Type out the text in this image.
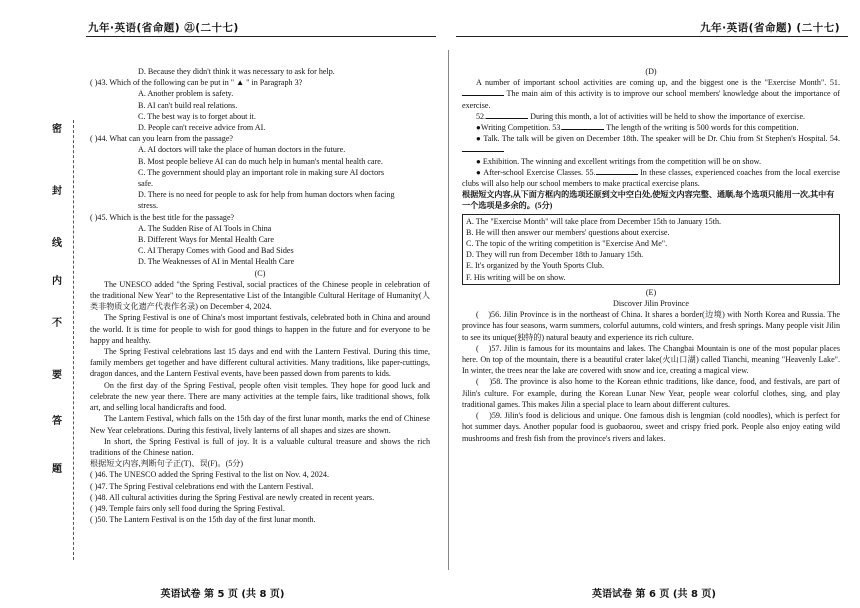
九年·英语(省命题) ㉑(二十七)
密
封
线
内
不
要
答
题
D. Because they didn't think it was necessary to ask for help.
( )43. Which of the following can be put in " ▲ " in Paragraph 3?
A. Another problem is safety.
B. AI can't build real relations.
C. The best way is to forget about it.
D. People can't receive advice from AI.
( )44. What can you learn from the passage?
A. AI doctors will take the place of human doctors in the future.
B. Most people believe AI can do much help in human's mental health care.
C. The government should play an important role in making sure AI doctors
safe.
D. There is no need for people to ask for help from human doctors when facing
stress.
( )45. Which is the best title for the passage?
A. The Sudden Rise of AI Tools in China
B. Different Ways for Mental Health Care
C. AI Therapy Comes with Good and Bad Sides
D. The Weaknesses of AI in Mental Health Care
(C)
The UNESCO added "the Spring Festival, social practices of the Chinese people in celebration of the traditional New Year" to the Representative List of the Intangible Cultural Heritage of Humanity(人类非物质文化遗产代表作名录) on December 4, 2024.
The Spring Festival is one of China's most important festivals, celebrated both in China and around the world. It is time for people to wish for good things to happen in the future and for everyone to be happy and healthy.
The Spring Festival celebrations last 15 days and end with the Lantern Festival. During this time, family members get together and have different cultural activities. Many traditions, like paper-cuttings, dragon dances, and the Lantern Festival events, have been passed down from parents to kids.
On the first day of the Spring Festival, people often visit temples. They hope for good luck and celebrate the new year there. There are many activities at the temple fairs, like traditional shows, folk art, and selling local handicrafts and food.
The Lantern Festival, which falls on the 15th day of the first lunar month, marks the end of Chinese New Year celebrations. During this festival, lively lanterns of all shapes and sizes are shown.
In short, the Spring Festival is full of joy. It is a valuable cultural treasure and shows the rich traditions of the Chinese nation.
根据短文内容,判断句子正(T)、误(F)。(5分)
( )46. The UNESCO added the Spring Festival to the list on Nov. 4, 2024.
( )47. The Spring Festival celebrations end with the Lantern Festival.
( )48. All cultural activities during the Spring Festival are newly created in recent years.
( )49. Temple fairs only sell food during the Spring Festival.
( )50. The Lantern Festival is on the 15th day of the first lunar month.
英语试卷 第 5 页 (共 8 页)
九年·英语(省命题) (二十七)
英语试卷 第 6 页 (共 8 页)
(D)
A number of important school activities are coming up, and the biggest one is the "Exercise Month". 51. The main aim of this activity is to improve our school members' knowledge about the importance of exercise.
52.	During this month, a lot of activities will be held to show the importance of exercise.
●Writing Competition. 53.	The length of the writing is 500 words for this competition.
● Talk. The talk will be given on December 18th. The speaker will be Dr. Chiu from St Stephen's Hospital. 54.
● Exhibition. The winning and excellent writings from the competition will be on show.
● After-school Exercise Classes. 55.	In these classes, experienced coaches from the local exercise clubs will also help our school members to make practical exercise plans.
根据短文内容,从下面方框内的选项还原到文中空白处,使短文内容完整、通顺,每个选项只能用一次,其中有一个选项是多余的。(5分)
A. The "Exercise Month" will take place from December 15th to January 15th.
B. He will then answer our members' questions about exercise.
C. The topic of the writing competition is "Exercise And Me".
D. They will run from December 18th to January 15th.
E. It's organized by the Youth Sports Club.
F. His writing will be on show.
(E)
Discover Jilin Province
(    )56. Jilin Province is in the northeast of China. It shares a border(边境) with North Korea and Russia. The province has four seasons, warm summers, colorful autumns, cold winters, and fresh springs. Many people visit Jilin to see its unique(独特的) natural beauty and experience its rich culture.
(    )57. Jilin is famous for its mountains and lakes. The Changbai Mountain is one of the most popular places here. On top of the mountain, there is a beautiful crater lake(火山口湖) called Tianchi, meaning "Heavenly Lake". In winter, the trees near the lake are covered with snow and ice, creating a magical view.
(    )58. The province is also home to the Korean ethnic traditions, like dance, food, and festivals, are part of Jilin's culture. For example, during the Korean Lunar New Year, people wear colorful clothes, sing, and play traditional games. This makes Jilin a special place to learn about different cultures.
(    )59. Jilin's food is delicious and unique. One famous dish is lengmian (cold noodles), which is perfect for hot summer days. Another popular food is guobaorou, sweet and crispy fried pork. People also enjoy eating wild mushrooms and fresh fish from the province's rivers and lakes.
